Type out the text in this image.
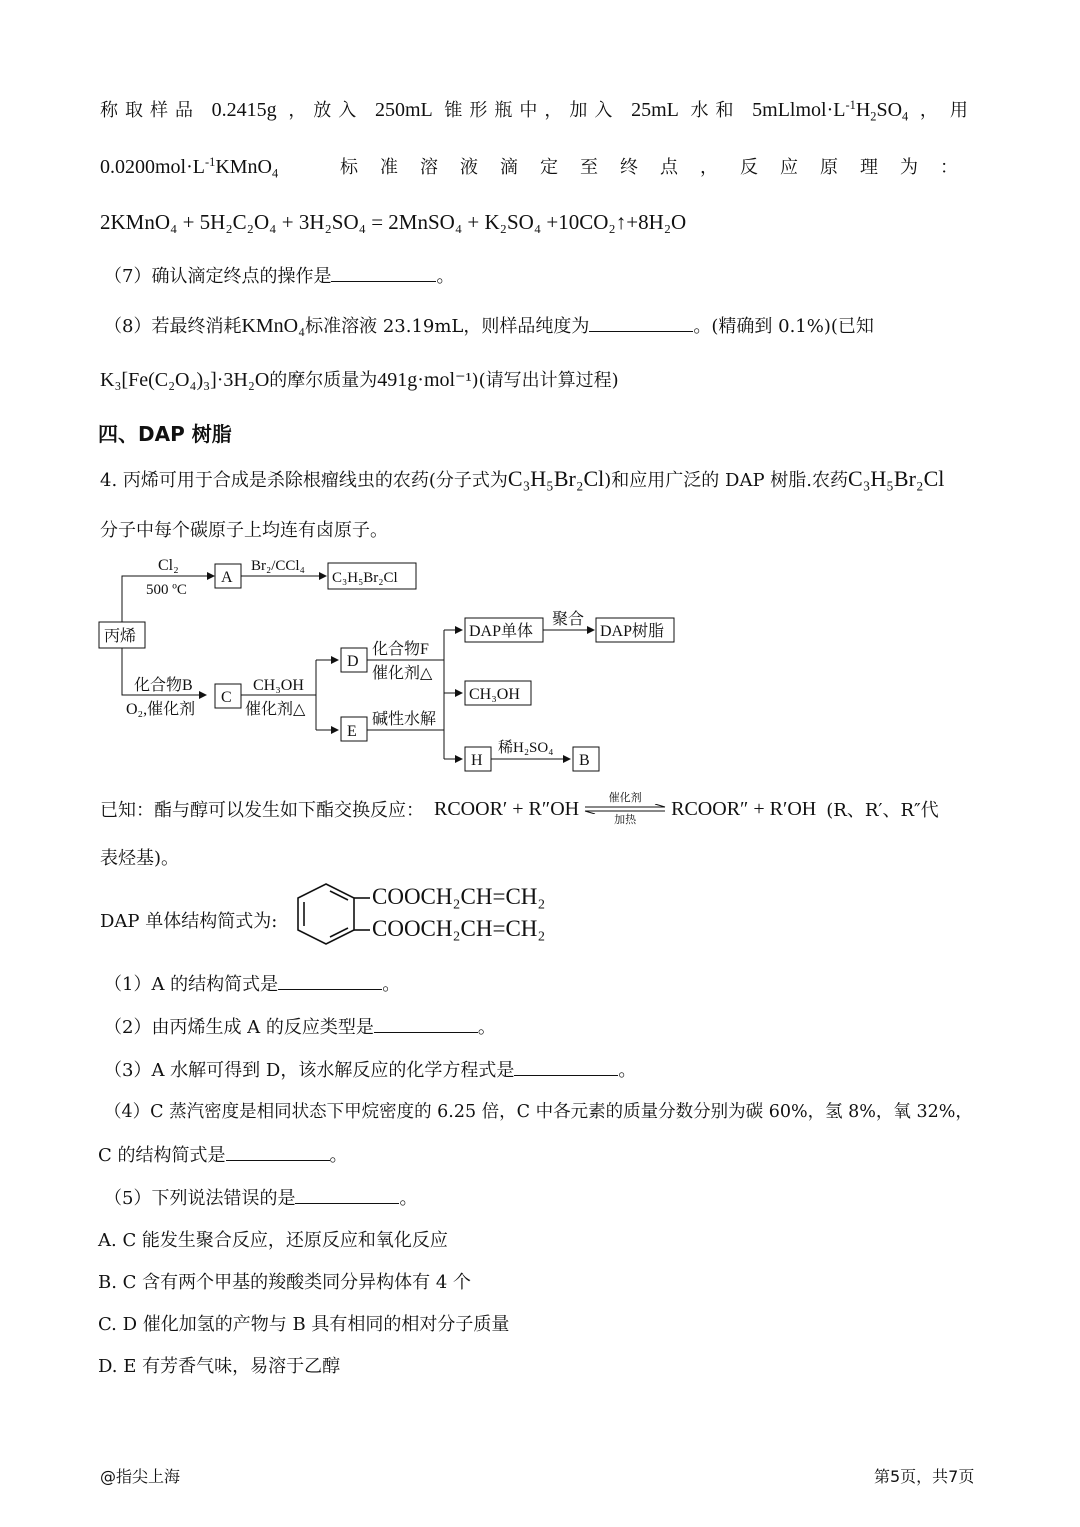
称取样品 0.2415g ，放入 250mL 锥形瓶中，加入 25mL 水和 $5mLlmol\cdot L^{-1}H_2SO_4$ ，用
$0.0200mol\cdot L^{-1}KMnO_4$	标准溶液滴定至终点，反应原理为：
2KMnO₄ + 5H₂C₂O₄ + 3H₂SO₄ = 2MnSO₄ + K₂SO₄ +10CO₂↑+8H₂O
（7）确认滴定终点的操作是	。
（8）若最终消耗KMnO₄标准溶液 23.19mL，则样品纯度为	。(精确到 0.1%)(已知
K₃[Fe(C₂O₄)₃]·3H₂O的摩尔质量为491g·mol⁻¹)(请写出计算过程)
四、DAP 树脂
4. 丙烯可用于合成是杀除根瘤线虫的农药(分子式为C₃H₅Br₂Cl)和应用广泛的 DAP 树脂.农药C₃H₅Br₂Cl
分子中每个碳原子上均连有卤原子。
丙烯
Cl₂
500 ºC
A
Br₂/CCl₄
C₃H₅Br₂Cl
化合物B
O₂,催化剂
C
CH₃OH
催化剂△
D
E
化合物F
催化剂△
DAP单体
聚合
DAP树脂
CH₃OH
碱性水解
H
稀H₂SO₄
B
已知：酯与醇可以发生如下酯交换反应： RCOOR′ + R″OH	催化剂
加热 RCOOR″ + R′OH (R、R′、R″代
表烃基)。
DAP 单体结构简式为:
COOCH₂CH=CH₂
COOCH₂CH=CH₂
（1）A 的结构简式是	。
（2）由丙烯生成 A 的反应类型是	。
（3）A 水解可得到 D，该水解反应的化学方程式是	。
（4）C 蒸汽密度是相同状态下甲烷密度的 6.25 倍，C 中各元素的质量分数分别为碳 60%，氢 8%，氧 32%，
C 的结构简式是	。
（5）下列说法错误的是	。
A. C 能发生聚合反应，还原反应和氧化反应
B. C 含有两个甲基的羧酸类同分异构体有 4 个
C. D 催化加氢的产物与 B 具有相同的相对分子质量
D. E 有芳香气味，易溶于乙醇
@指尖上海	第5页，共7页
